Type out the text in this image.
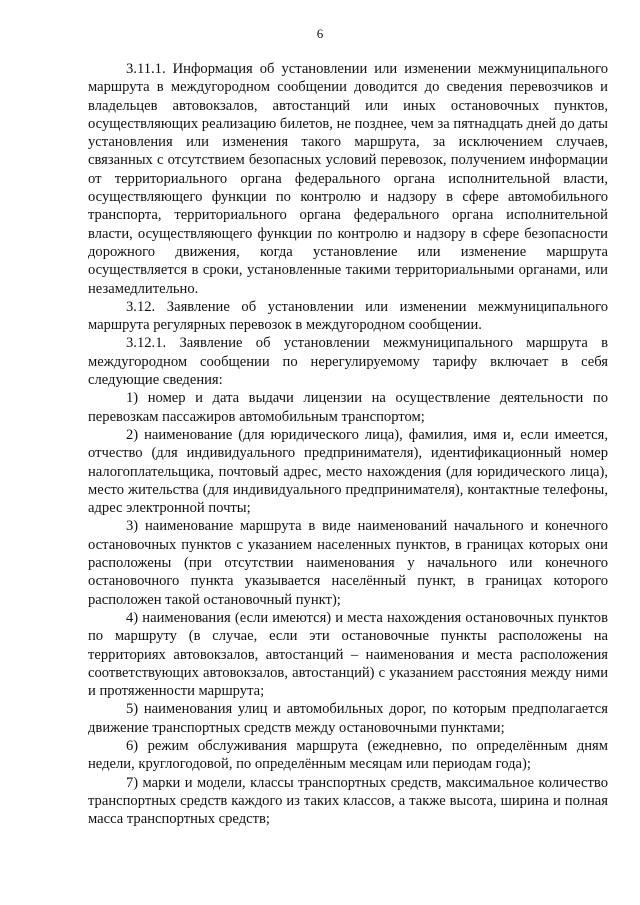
6

3.11.1. Информация об установлении или изменении межмуниципального маршрута в междугородном сообщении доводится до сведения перевозчиков и владельцев автовокзалов, автостанций или иных остановочных пунктов, осуществляющих реализацию билетов, не позднее, чем за пятнадцать дней до даты установления или изменения такого маршрута, за исключением случаев, связанных с отсутствием безопасных условий перевозок, получением информации от территориального органа федерального органа исполнительной власти, осуществляющего функции по контролю и надзору в сфере автомобильного транспорта, территориального органа федерального органа исполнительной власти, осуществляющего функции по контролю и надзору в сфере безопасности дорожного движения, когда установление или изменение маршрута осуществляется в сроки, установленные такими территориальными органами, или незамедлительно.

3.12. Заявление об установлении или изменении межмуниципального маршрута регулярных перевозок в междугородном сообщении.

3.12.1. Заявление об установлении межмуниципального маршрута в междугородном сообщении по нерегулируемому тарифу включает в себя следующие сведения:

1) номер и дата выдачи лицензии на осуществление деятельности по перевозкам пассажиров автомобильным транспортом;

2) наименование (для юридического лица), фамилия, имя и, если имеется, отчество (для индивидуального предпринимателя), идентификационный номер налогоплательщика, почтовый адрес, место нахождения (для юридического лица), место жительства (для индивидуального предпринимателя), контактные телефоны, адрес электронной почты;

3) наименование маршрута в виде наименований начального и конечного остановочных пунктов с указанием населенных пунктов, в границах которых они расположены (при отсутствии наименования у начального или конечного остановочного пункта указывается населённый пункт, в границах которого расположен такой остановочный пункт);

4) наименования (если имеются) и места нахождения остановочных пунктов по маршруту (в случае, если эти остановочные пункты расположены на территориях автовокзалов, автостанций – наименования и места расположения соответствующих автовокзалов, автостанций) с указанием расстояния между ними и протяженности маршрута;

5) наименования улиц и автомобильных дорог, по которым предполагается движение транспортных средств между остановочными пунктами;

6) режим обслуживания маршрута (ежедневно, по определённым дням недели, круглогодовой, по определённым месяцам или периодам года);

7) марки и модели, классы транспортных средств, максимальное количество транспортных средств каждого из таких классов, а также высота, ширина и полная масса транспортных средств;
